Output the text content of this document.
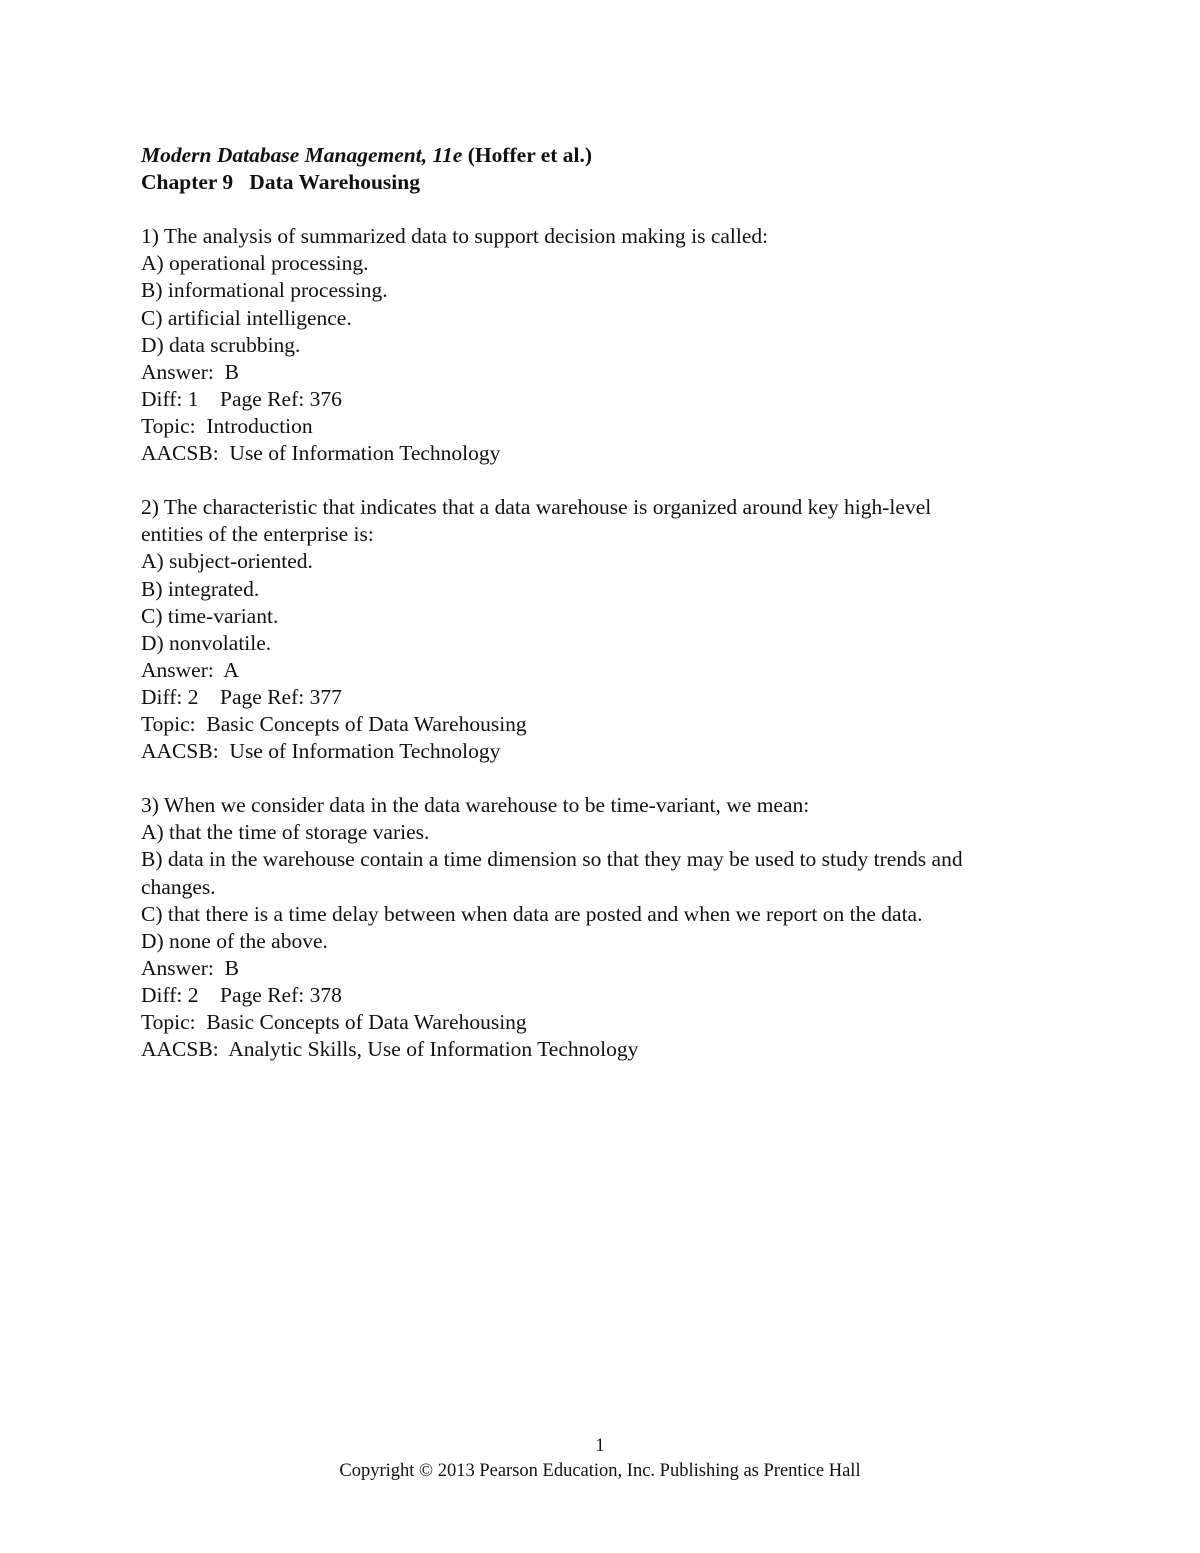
Modern Database Management, 11e (Hoffer et al.)
Chapter 9   Data Warehousing
1) The analysis of summarized data to support decision making is called:
A) operational processing.
B) informational processing.
C) artificial intelligence.
D) data scrubbing.
Answer:  B
Diff: 1    Page Ref: 376
Topic:  Introduction
AACSB:  Use of Information Technology
2) The characteristic that indicates that a data warehouse is organized around key high-level
entities of the enterprise is:
A) subject-oriented.
B) integrated.
C) time-variant.
D) nonvolatile.
Answer:  A
Diff: 2    Page Ref: 377
Topic:  Basic Concepts of Data Warehousing
AACSB:  Use of Information Technology
3) When we consider data in the data warehouse to be time-variant, we mean:
A) that the time of storage varies.
B) data in the warehouse contain a time dimension so that they may be used to study trends and
changes.
C) that there is a time delay between when data are posted and when we report on the data.
D) none of the above.
Answer:  B
Diff: 2    Page Ref: 378
Topic:  Basic Concepts of Data Warehousing
AACSB:  Analytic Skills, Use of Information Technology
1
Copyright © 2013 Pearson Education, Inc. Publishing as Prentice Hall
